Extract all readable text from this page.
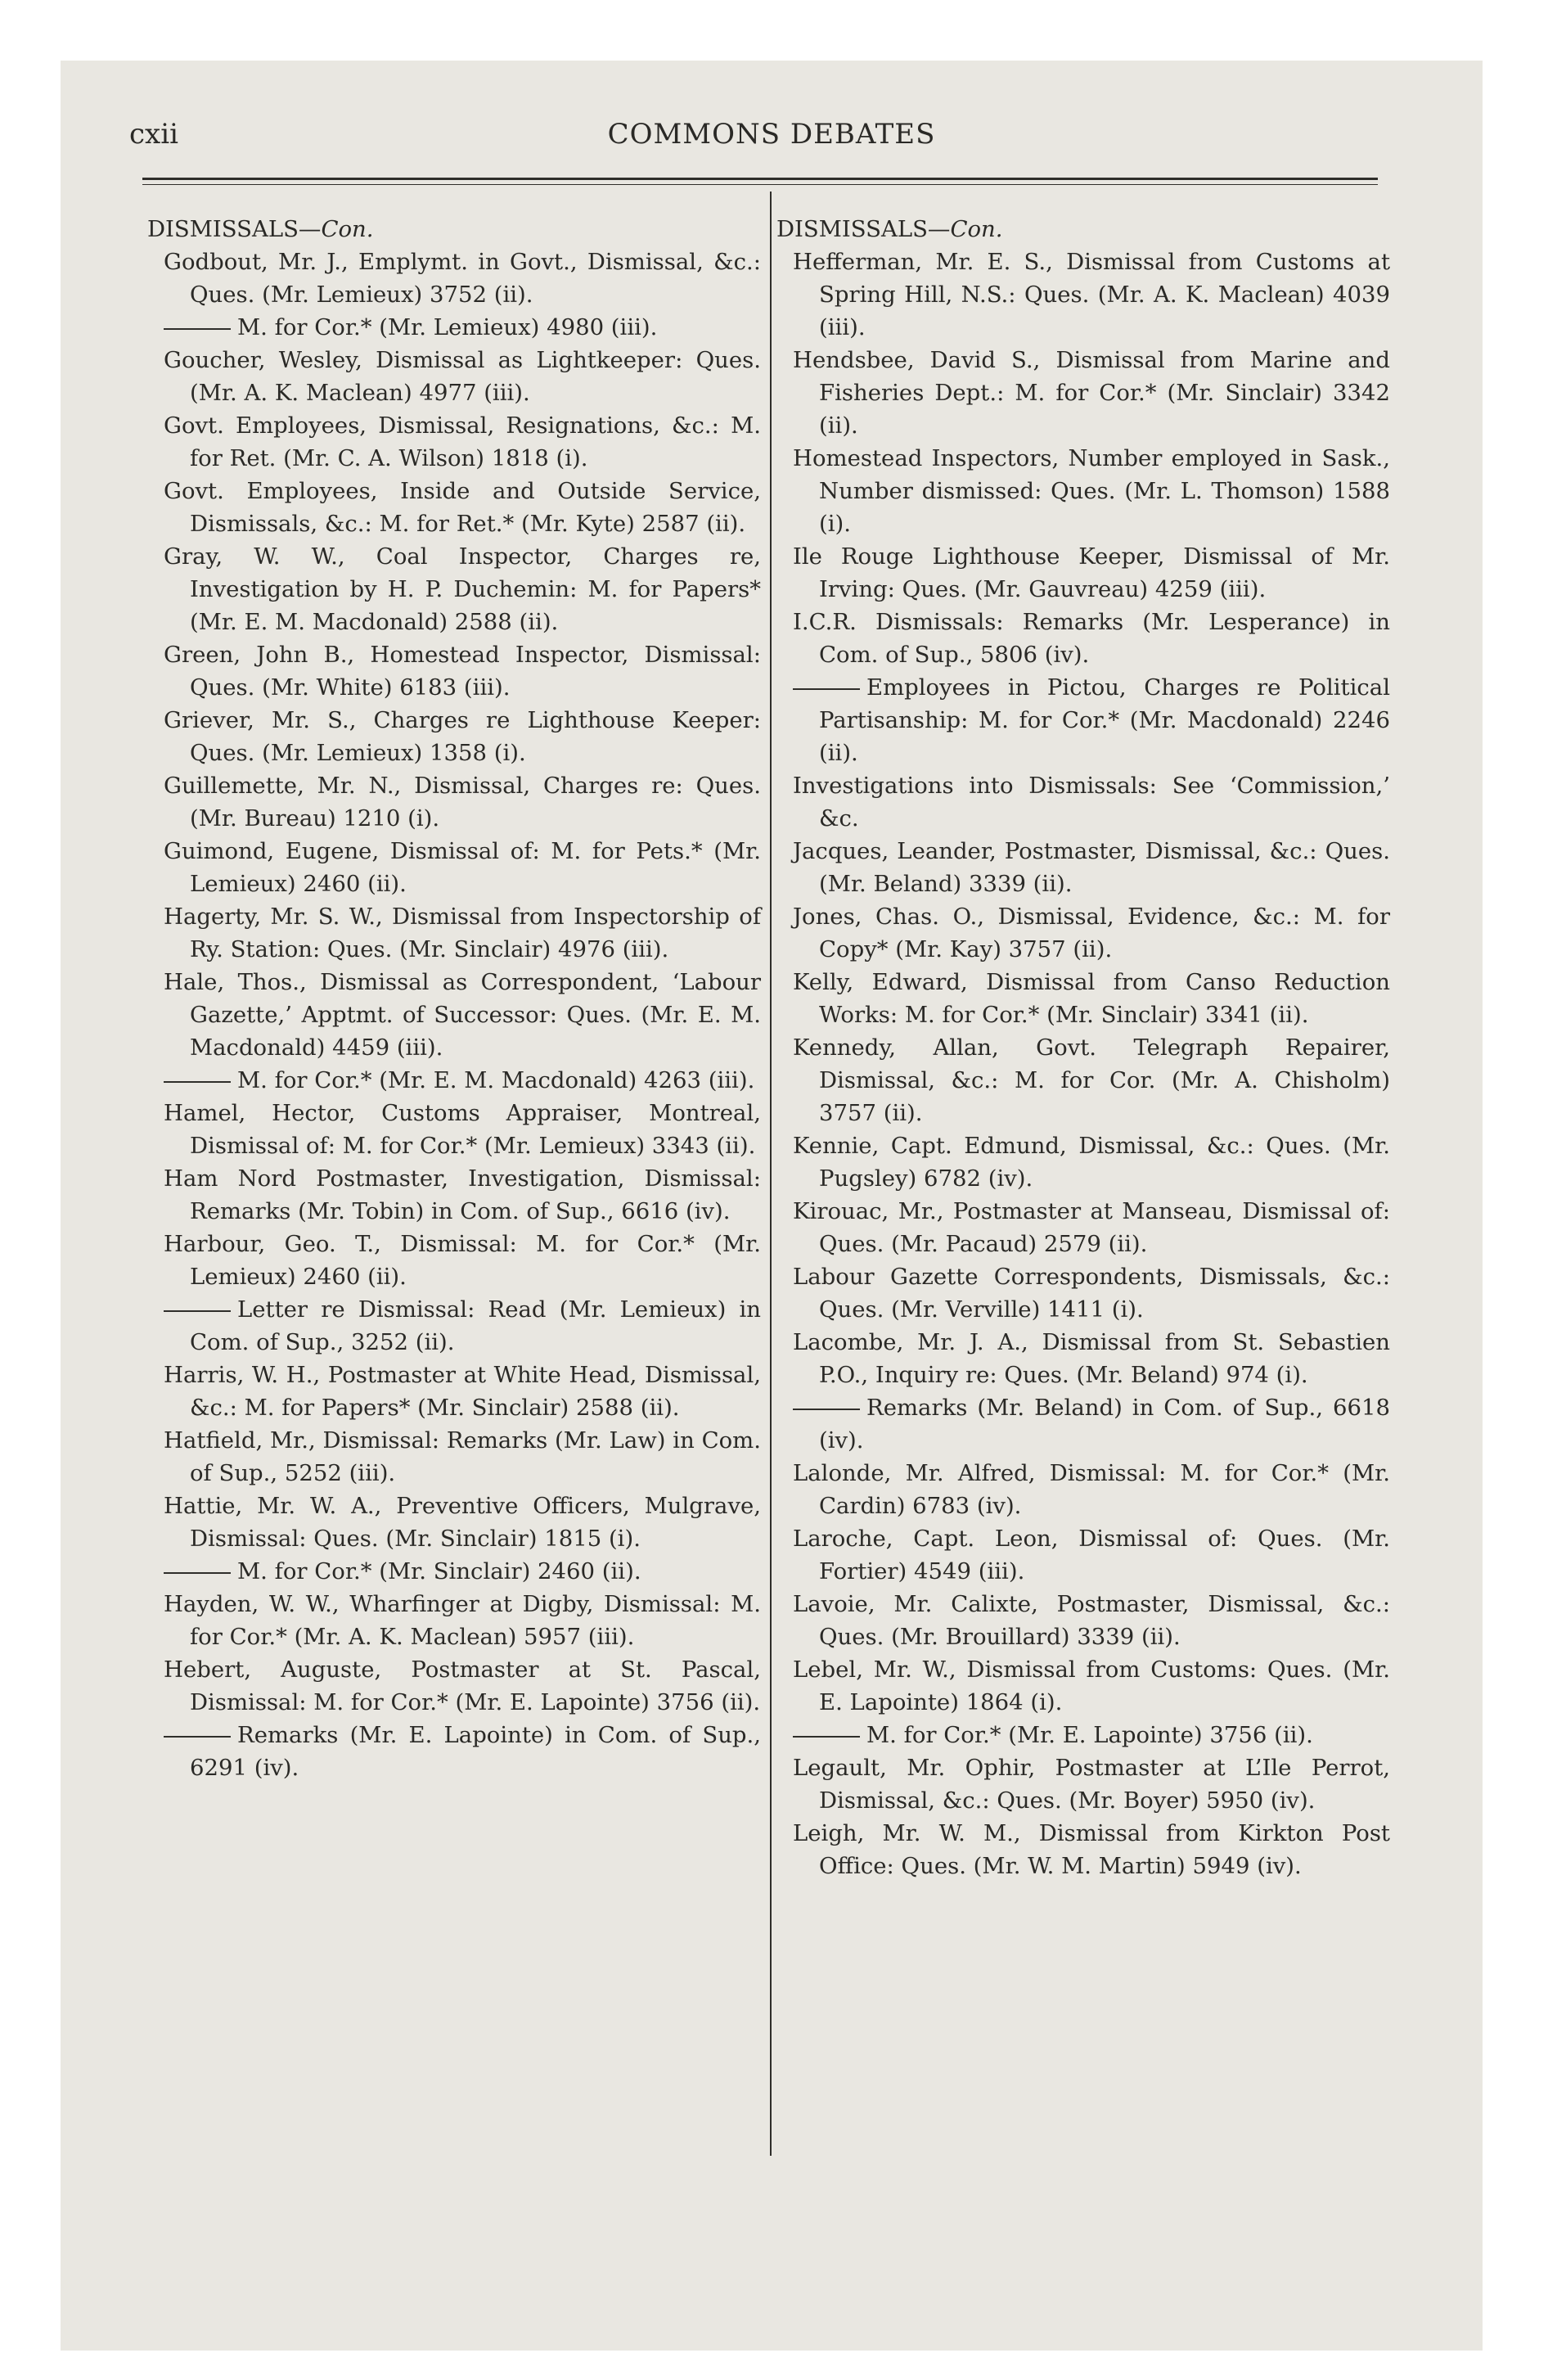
cxii	COMMONS DEBATES
DISMISSALS—Con.

Godbout, Mr. J., Emplymt. in Govt., Dismissal, &c.: Ques. (Mr. Lemieux) 3752 (ii).

M. for Cor.* (Mr. Lemieux) 4980 (iii).

Goucher, Wesley, Dismissal as Lightkeeper: Ques. (Mr. A. K. Maclean) 4977 (iii).

Govt. Employees, Dismissal, Resignations, &c.: M. for Ret. (Mr. C. A. Wilson) 1818 (i).

Govt. Employees, Inside and Outside Service, Dismissals, &c.: M. for Ret.* (Mr. Kyte) 2587 (ii).

Gray, W. W., Coal Inspector, Charges re, Investigation by H. P. Duchemin: M. for Papers* (Mr. E. M. Macdonald) 2588 (ii).

Green, John B., Homestead Inspector, Dismissal: Ques. (Mr. White) 6183 (iii).

Griever, Mr. S., Charges re Lighthouse Keeper: Ques. (Mr. Lemieux) 1358 (i).

Guillemette, Mr. N., Dismissal, Charges re: Ques. (Mr. Bureau) 1210 (i).

Guimond, Eugene, Dismissal of: M. for Pets.* (Mr. Lemieux) 2460 (ii).

Hagerty, Mr. S. W., Dismissal from Inspectorship of Ry. Station: Ques. (Mr. Sinclair) 4976 (iii).

Hale, Thos., Dismissal as Correspondent, ‘Labour Gazette,’ Apptmt. of Successor: Ques. (Mr. E. M. Macdonald) 4459 (iii).

M. for Cor.* (Mr. E. M. Macdonald) 4263 (iii).

Hamel, Hector, Customs Appraiser, Montreal, Dismissal of: M. for Cor.* (Mr. Lemieux) 3343 (ii).

Ham Nord Postmaster, Investigation, Dismissal: Remarks (Mr. Tobin) in Com. of Sup., 6616 (iv).

Harbour, Geo. T., Dismissal: M. for Cor.* (Mr. Lemieux) 2460 (ii).

Letter re Dismissal: Read (Mr. Lemieux) in Com. of Sup., 3252 (ii).

Harris, W. H., Postmaster at White Head, Dismissal, &c.: M. for Papers* (Mr. Sinclair) 2588 (ii).

Hatfield, Mr., Dismissal: Remarks (Mr. Law) in Com. of Sup., 5252 (iii).

Hattie, Mr. W. A., Preventive Officers, Mulgrave, Dismissal: Ques. (Mr. Sinclair) 1815 (i).

M. for Cor.* (Mr. Sinclair) 2460 (ii).

Hayden, W. W., Wharfinger at Digby, Dismissal: M. for Cor.* (Mr. A. K. Maclean) 5957 (iii).

Hebert, Auguste, Postmaster at St. Pascal, Dismissal: M. for Cor.* (Mr. E. Lapointe) 3756 (ii).

Remarks (Mr. E. Lapointe) in Com. of Sup., 6291 (iv).

DISMISSALS—Con.

Hefferman, Mr. E. S., Dismissal from Customs at Spring Hill, N.S.: Ques. (Mr. A. K. Maclean) 4039 (iii).

Hendsbee, David S., Dismissal from Marine and Fisheries Dept.: M. for Cor.* (Mr. Sinclair) 3342 (ii).

Homestead Inspectors, Number employed in Sask., Number dismissed: Ques. (Mr. L. Thomson) 1588 (i).

Ile Rouge Lighthouse Keeper, Dismissal of Mr. Irving: Ques. (Mr. Gauvreau) 4259 (iii).

I.C.R. Dismissals: Remarks (Mr. Lesperance) in Com. of Sup., 5806 (iv).

Employees in Pictou, Charges re Political Partisanship: M. for Cor.* (Mr. Macdonald) 2246 (ii).

Investigations into Dismissals: See ‘Commission,’ &c.

Jacques, Leander, Postmaster, Dismissal, &c.: Ques. (Mr. Beland) 3339 (ii).

Jones, Chas. O., Dismissal, Evidence, &c.: M. for Copy* (Mr. Kay) 3757 (ii).

Kelly, Edward, Dismissal from Canso Reduction Works: M. for Cor.* (Mr. Sinclair) 3341 (ii).

Kennedy, Allan, Govt. Telegraph Repairer, Dismissal, &c.: M. for Cor. (Mr. A. Chisholm) 3757 (ii).

Kennie, Capt. Edmund, Dismissal, &c.: Ques. (Mr. Pugsley) 6782 (iv).

Kirouac, Mr., Postmaster at Manseau, Dismissal of: Ques. (Mr. Pacaud) 2579 (ii).

Labour Gazette Correspondents, Dismissals, &c.: Ques. (Mr. Verville) 1411 (i).

Lacombe, Mr. J. A., Dismissal from St. Sebastien P.O., Inquiry re: Ques. (Mr. Beland) 974 (i).

Remarks (Mr. Beland) in Com. of Sup., 6618 (iv).

Lalonde, Mr. Alfred, Dismissal: M. for Cor.* (Mr. Cardin) 6783 (iv).

Laroche, Capt. Leon, Dismissal of: Ques. (Mr. Fortier) 4549 (iii).

Lavoie, Mr. Calixte, Postmaster, Dismissal, &c.: Ques. (Mr. Brouillard) 3339 (ii).

Lebel, Mr. W., Dismissal from Customs: Ques. (Mr. E. Lapointe) 1864 (i).

M. for Cor.* (Mr. E. Lapointe) 3756 (ii).

Legault, Mr. Ophir, Postmaster at L’Ile Perrot, Dismissal, &c.: Ques. (Mr. Boyer) 5950 (iv).

Leigh, Mr. W. M., Dismissal from Kirkton Post Office: Ques. (Mr. W. M. Martin) 5949 (iv).
